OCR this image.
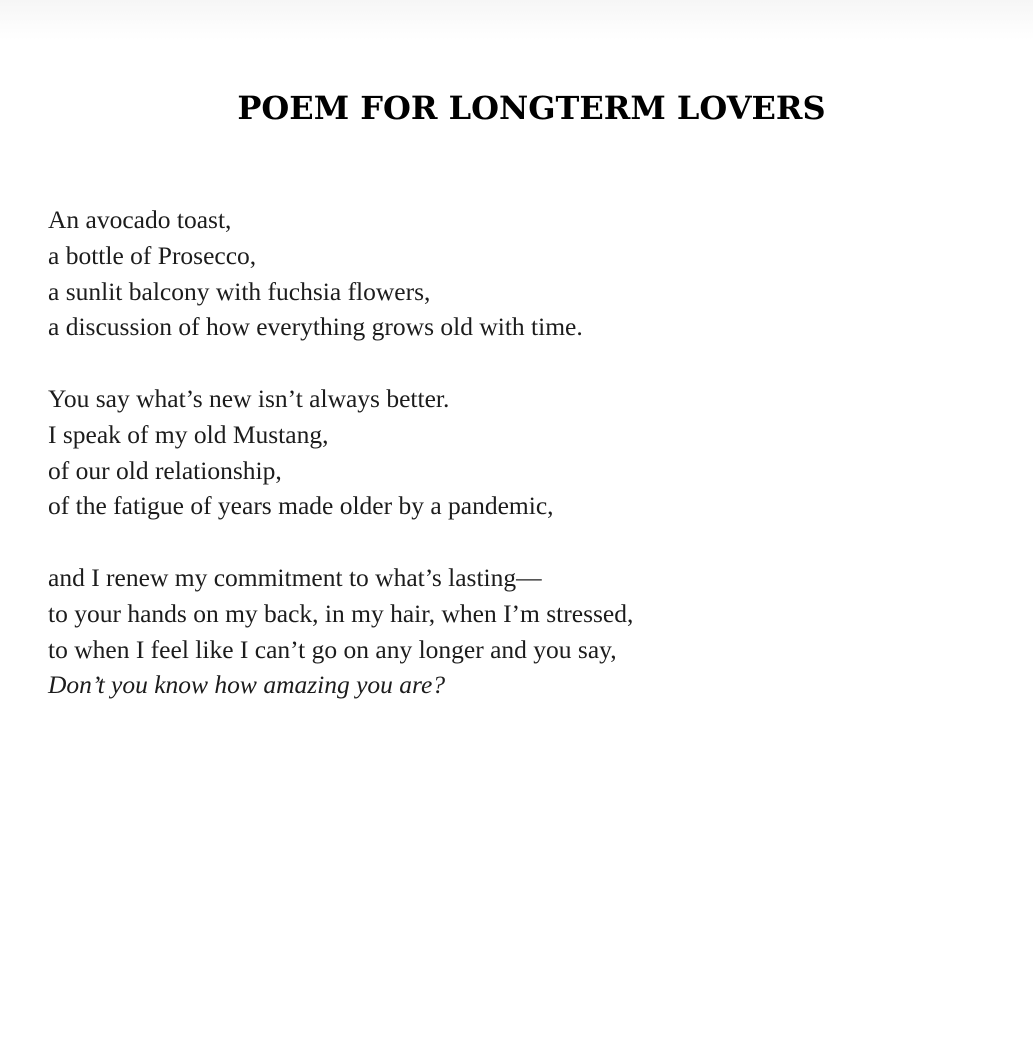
POEM FOR LONGTERM LOVERS
An avocado toast,
a bottle of Prosecco,
a sunlit balcony with fuchsia flowers,
a discussion of how everything grows old with time.
You say what’s new isn’t always better.
I speak of my old Mustang,
of our old relationship,
of the fatigue of years made older by a pandemic,
and I renew my commitment to what’s lasting—
to your hands on my back, in my hair, when I’m stressed,
to when I feel like I can’t go on any longer and you say,
Don’t you know how amazing you are?
